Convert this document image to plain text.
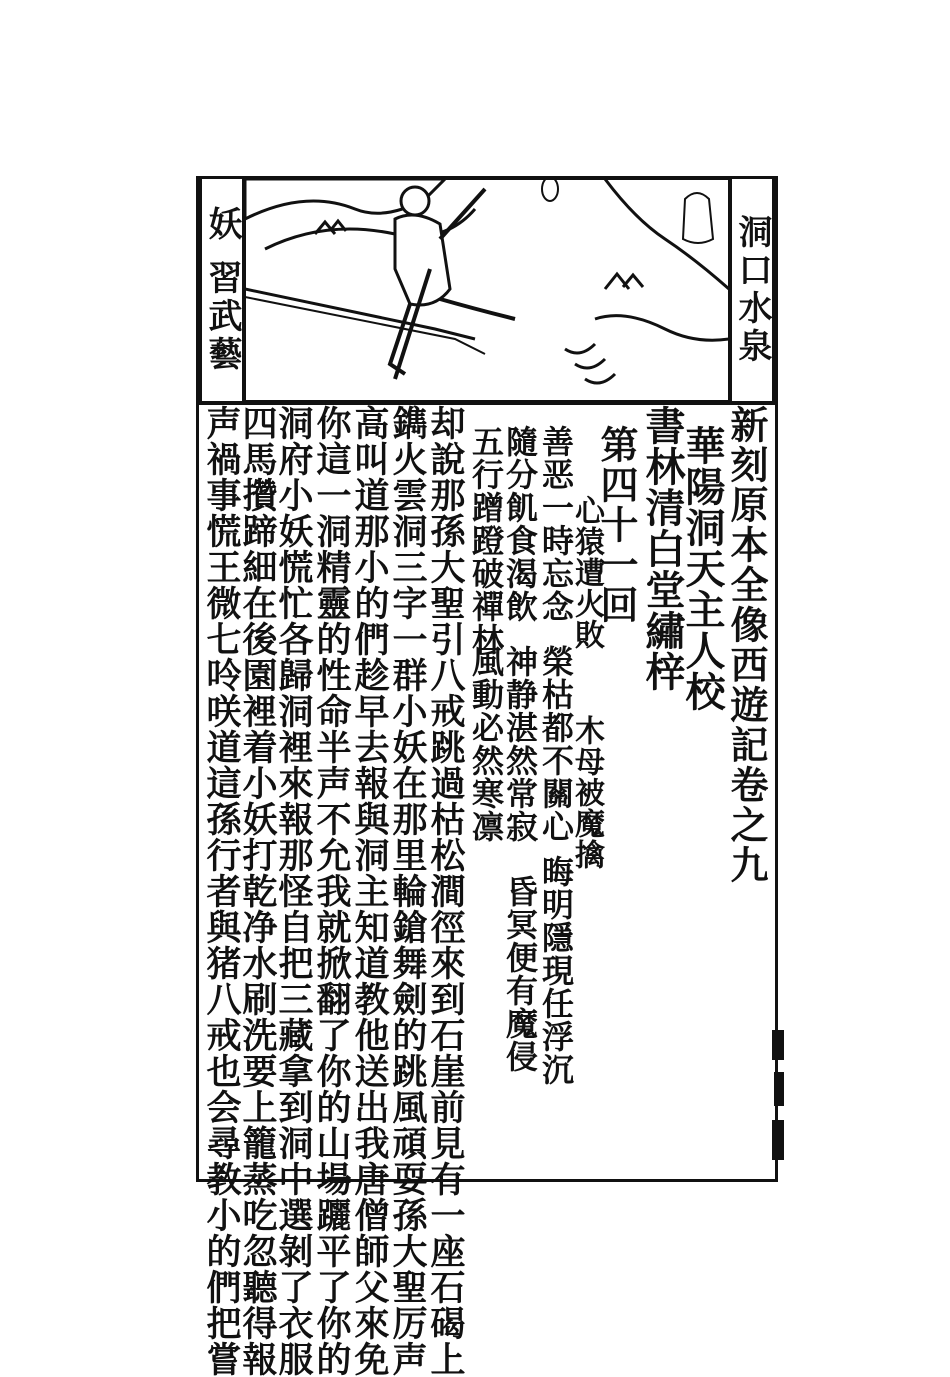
妖 習武藝	洞口水泉
新刻原本全像西遊記卷之九
華陽洞天主人校
書林清白堂繡梓
第四十一回
心猿遭火敗
木母被魔擒
善恶一時忘念
榮枯都不關心
晦明隱現任浮沉
隨分飢食渴飲
神静湛然常寂
昏冥便有魔侵
五行蹭蹬破禪林
風動必然寒凛
却說那孫大聖引八戒跳過枯松澗徑來到石崖前見有一座石碣上
鐫火雲洞三字一群小妖在那里輪鎗舞劍的跳風頑耍孫大聖厉声
高叫道那小的們趁早去報與洞主知道教他送出我唐僧師父來免
你這一洞精靈的性命半声不允我就掀翻了你的山場躧平了你的
洞府小妖慌忙各歸洞裡來報那怪自把三藏拿到洞中選剝了衣服
四馬攢蹄細在後園裡着小妖打乾净水刷洗要上籠蒸吃忽聽得報
声禍事慌王微七呤咲道這孫行者與猪八戒也会尋教小的們把嘗
